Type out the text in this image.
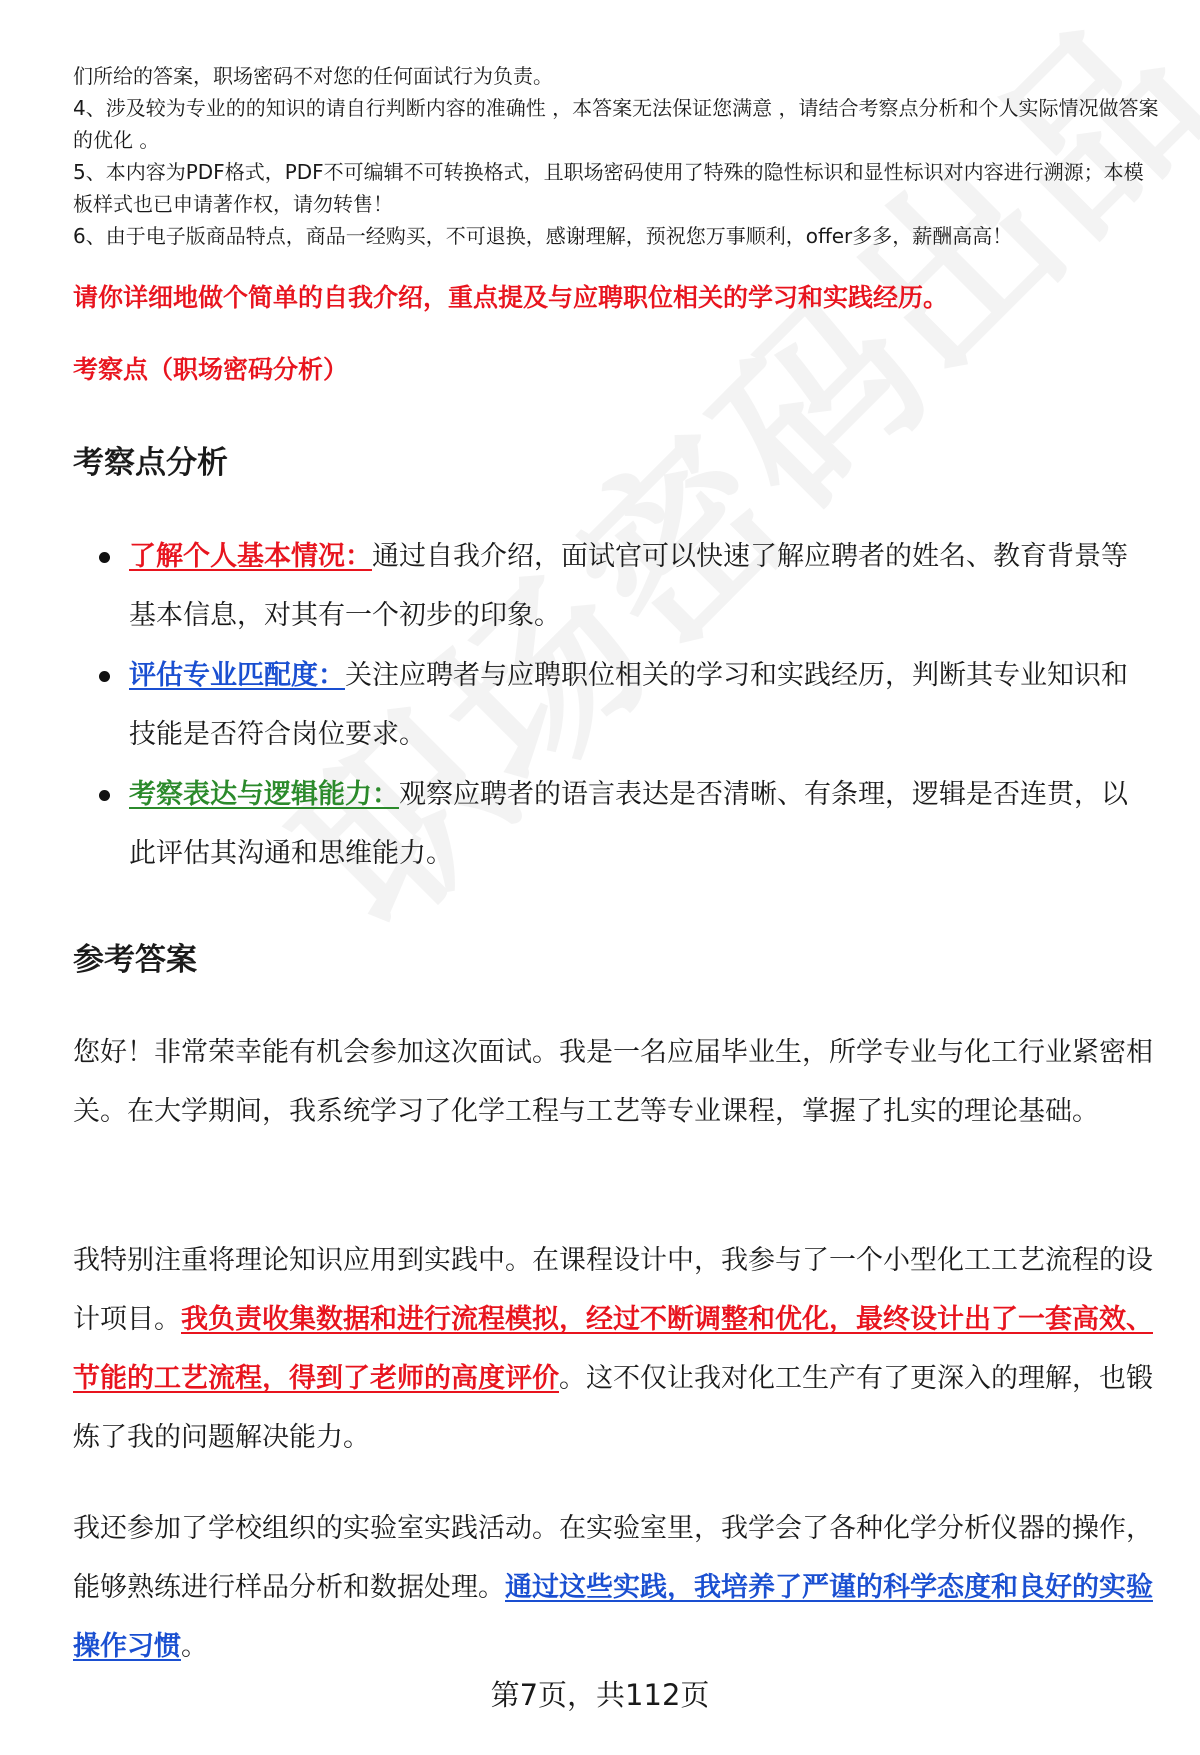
们所给的答案，职场密码不对您的任何面试行为负责。

4、涉及较为专业的的知识的请自行判断内容的准确性 ，本答案无法保证您满意 ，请结合考察点分析和个人实际情况做答案的优化 。

5、本内容为PDF格式，PDF不可编辑不可转换格式，且职场密码使用了特殊的隐性标识和显性标识对内容进行溯源；本模板样式也已申请著作权，请勿转售！

6、由于电子版商品特点，商品一经购买，不可退换，感谢理解，预祝您万事顺利，offer多多，薪酬高高！

请你详细地做个简单的自我介绍，重点提及与应聘职位相关的学习和实践经历。

考察点（职场密码分析）

考察点分析
了解个人基本情况：通过自我介绍，面试官可以快速了解应聘者的姓名、教育背景等基本信息，对其有一个初步的印象。
评估专业匹配度：关注应聘者与应聘职位相关的学习和实践经历，判断其专业知识和技能是否符合岗位要求。
考察表达与逻辑能力：观察应聘者的语言表达是否清晰、有条理，逻辑是否连贯，以此评估其沟通和思维能力。
参考答案

您好！非常荣幸能有机会参加这次面试。我是一名应届毕业生，所学专业与化工行业紧密相关。在大学期间，我系统学习了化学工程与工艺等专业课程，掌握了扎实的理论基础。

我特别注重将理论知识应用到实践中。在课程设计中，我参与了一个小型化工工艺流程的设计项目。我负责收集数据和进行流程模拟，经过不断调整和优化，最终设计出了一套高效、节能的工艺流程，得到了老师的高度评价。这不仅让我对化工生产有了更深入的理解，也锻炼了我的问题解决能力。

我还参加了学校组织的实验室实践活动。在实验室里，我学会了各种化学分析仪器的操作，能够熟练进行样品分析和数据处理。通过这些实践，我培养了严谨的科学态度和良好的实验操作习惯。

第7页，共112页
